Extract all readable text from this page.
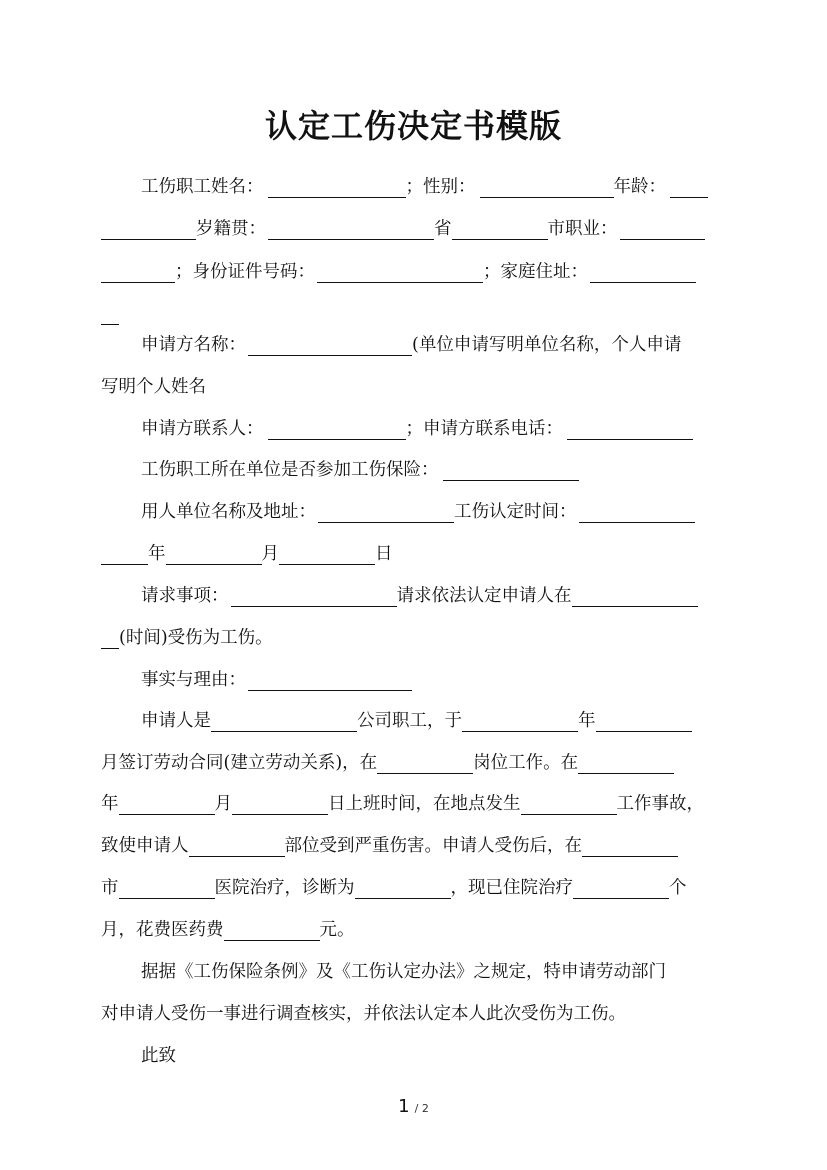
认定工伤决定书模版
工伤职工姓名：	；性别：	年龄：
岁籍贯：	省	市职业：
；身份证件号码：	；家庭住址：
申请方名称：	(单位申请写明单位名称，个人申请
写明个人姓名
申请方联系人：	；申请方联系电话：
工伤职工所在单位是否参加工伤保险：
用人单位名称及地址：	工伤认定时间：
年	月	日
请求事项：	请求依法认定申请人在
(时间)受伤为工伤。
事实与理由：
申请人是	公司职工，于	年
月签订劳动合同(建立劳动关系)，在	岗位工作。在
年	月	日上班时间，在地点发生	工作事故，
致使申请人	部位受到严重伤害。申请人受伤后，在
市	医院治疗，诊断为	，现已住院治疗	个
月，花费医药费	元。
据据《工伤保险条例》及《工伤认定办法》之规定，特申请劳动部门
对申请人受伤一事进行调查核实，并依法认定本人此次受伤为工伤。
此致
1 / 2
